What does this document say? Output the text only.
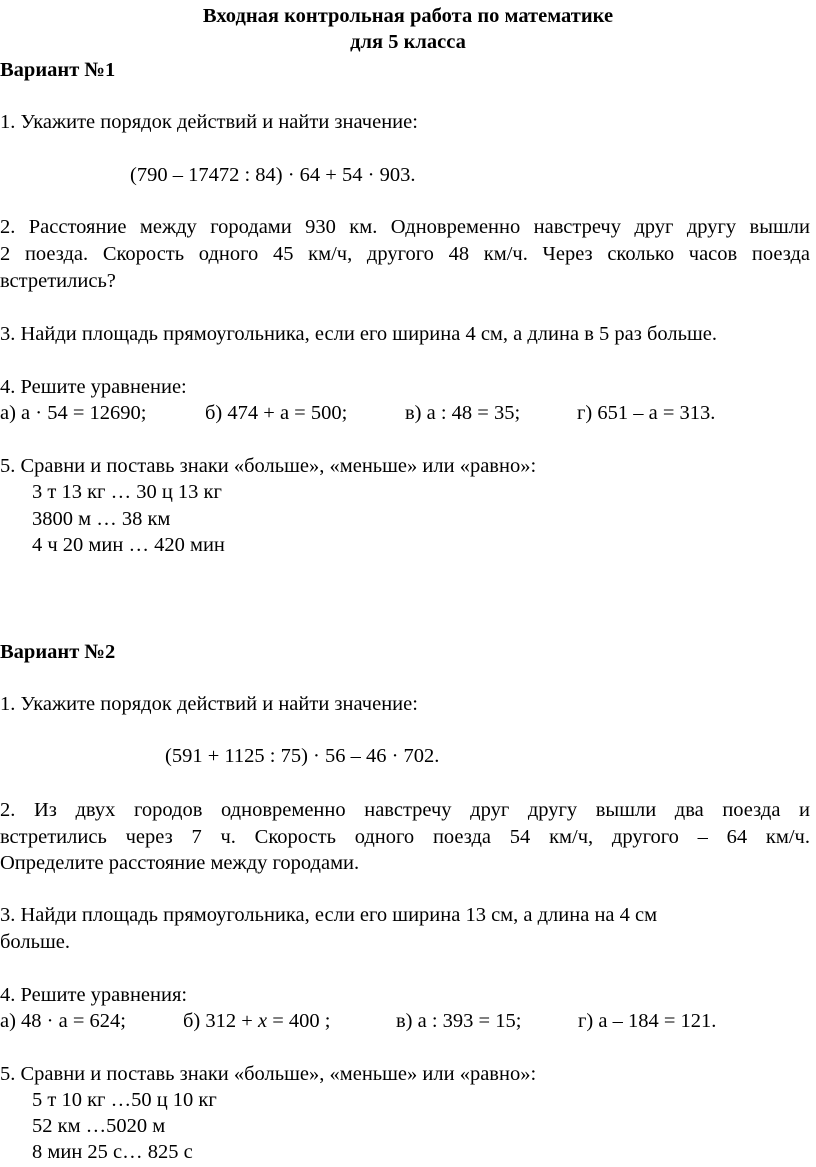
Входная контрольная работа по математике
для 5 класса
Вариант №1
1. Укажите порядок действий и найти значение:
(790 – 17472 : 84) · 64 + 54 · 903.
2. Расстояние между городами 930 км. Одновременно навстречу друг другу вышли
2 поезда. Скорость одного 45 км/ч, другого 48 км/ч. Через сколько часов поезда
встретились?
3. Найди площадь прямоугольника, если его ширина 4 см, а длина в 5 раз больше.
4. Решите уравнение:
а) а · 54 = 12690;	б) 474 + а = 500;	в) а : 48 = 35;	г) 651 – а = 313.
5. Сравни и поставь знаки «больше», «меньше» или «равно»:
3 т 13 кг … 30 ц 13 кг
3800 м … 38 км
4 ч 20 мин … 420 мин
Вариант №2
1. Укажите порядок действий и найти значение:
(591 + 1125 : 75) · 56 – 46 · 702.
2. Из двух городов одновременно навстречу друг другу вышли два поезда и
встретились через 7 ч. Скорость одного поезда 54 км/ч, другого – 64 км/ч.
Определите расстояние между городами.
3. Найди площадь прямоугольника, если его ширина 13 см, а длина на 4 см
больше.
4. Решите уравнения:
а) 48 · а = 624;	б) 312 + х = 400 ;	в) а : 393 = 15;	г) а – 184 = 121.
5. Сравни и поставь знаки «больше», «меньше» или «равно»:
5 т 10 кг …50 ц 10 кг
52 км …5020 м
8 мин 25 с… 825 с
